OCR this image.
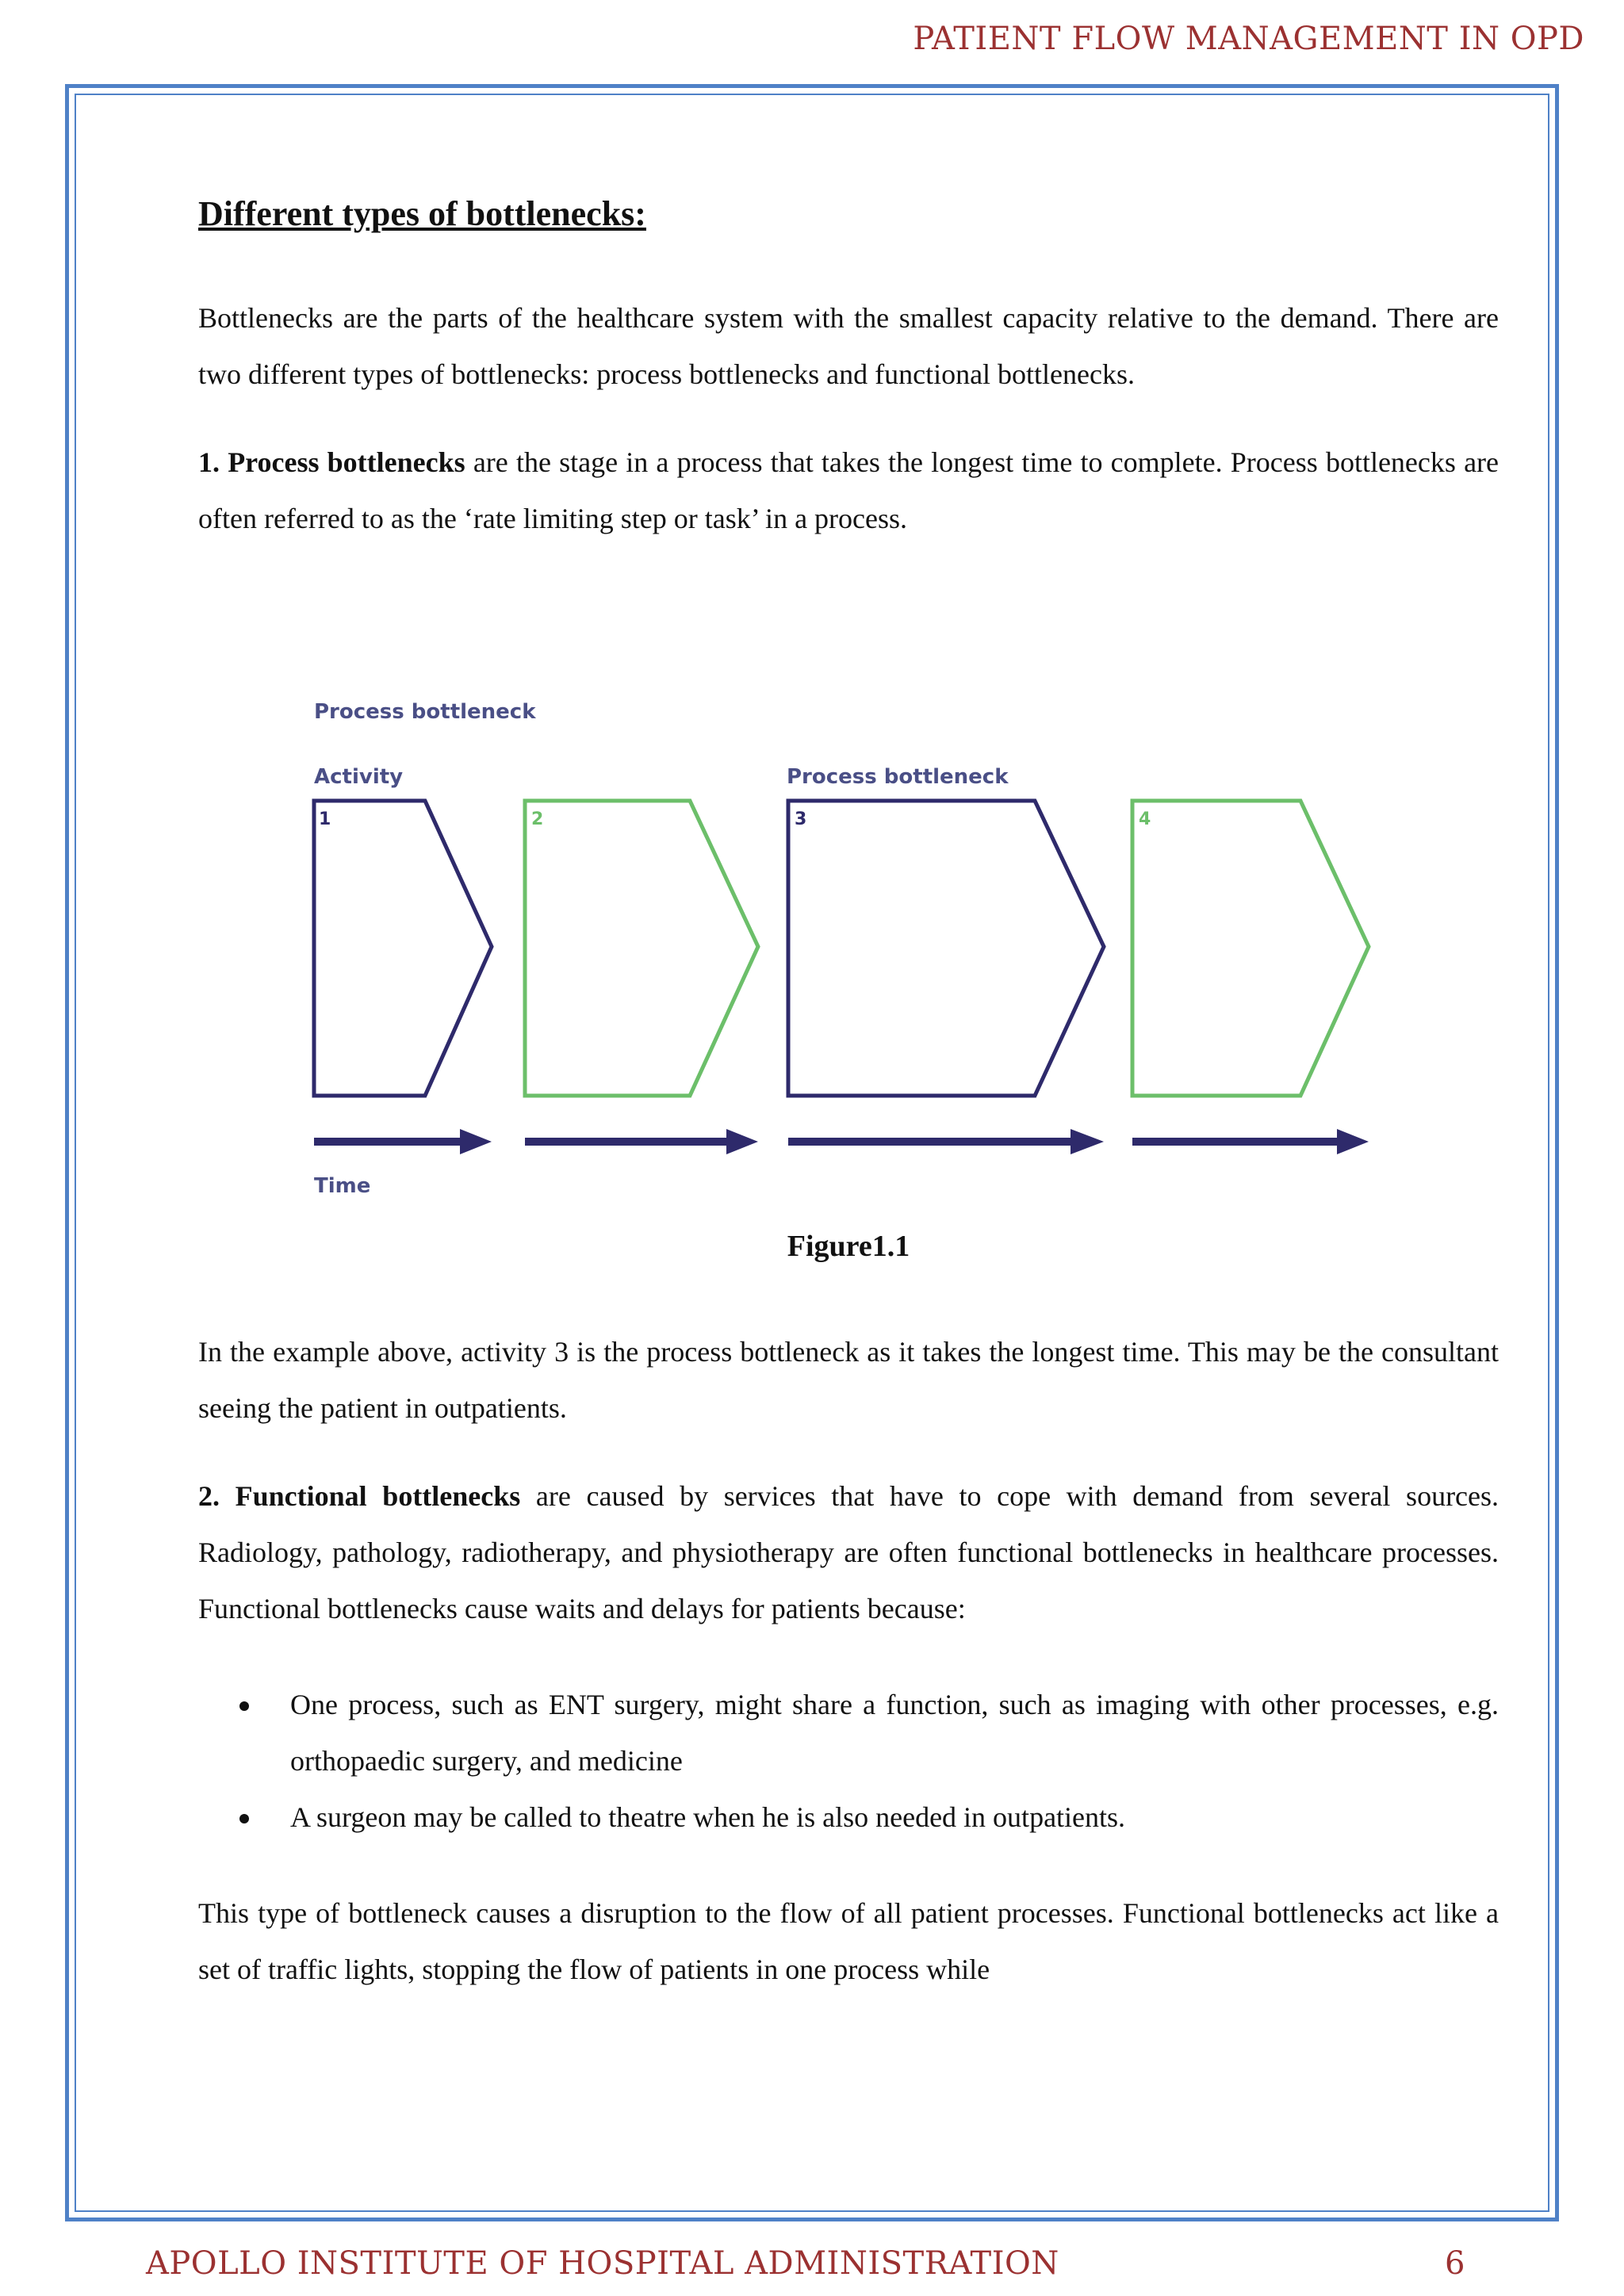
PATIENT FLOW MANAGEMENT IN OPD
Different types of bottlenecks:

Bottlenecks are the parts of the healthcare system with the smallest capacity relative to the demand. There are two different types of bottlenecks: process bottlenecks and functional bottlenecks.

1. Process bottlenecks are the stage in a process that takes the longest time to complete. Process bottlenecks are often referred to as the ‘rate limiting step or task’ in a process.

Process bottleneck
Activity	Process bottleneck
1	2	3	4
Time
Figure1.1

In the example above, activity 3 is the process bottleneck as it takes the longest time. This may be the consultant seeing the patient in outpatients.

2. Functional bottlenecks are caused by services that have to cope with demand from several sources. Radiology, pathology, radiotherapy, and physiotherapy are often functional bottlenecks in healthcare processes. Functional bottlenecks cause waits and delays for patients because:

One process, such as ENT surgery, might share a function, such as imaging with other processes, e.g. orthopaedic surgery, and medicine
A surgeon may be called to theatre when he is also needed in outpatients.

This type of bottleneck causes a disruption to the flow of all patient processes. Functional bottlenecks act like a set of traffic lights, stopping the flow of patients in one process while

APOLLO INSTITUTE OF HOSPITAL ADMINISTRATION	6
